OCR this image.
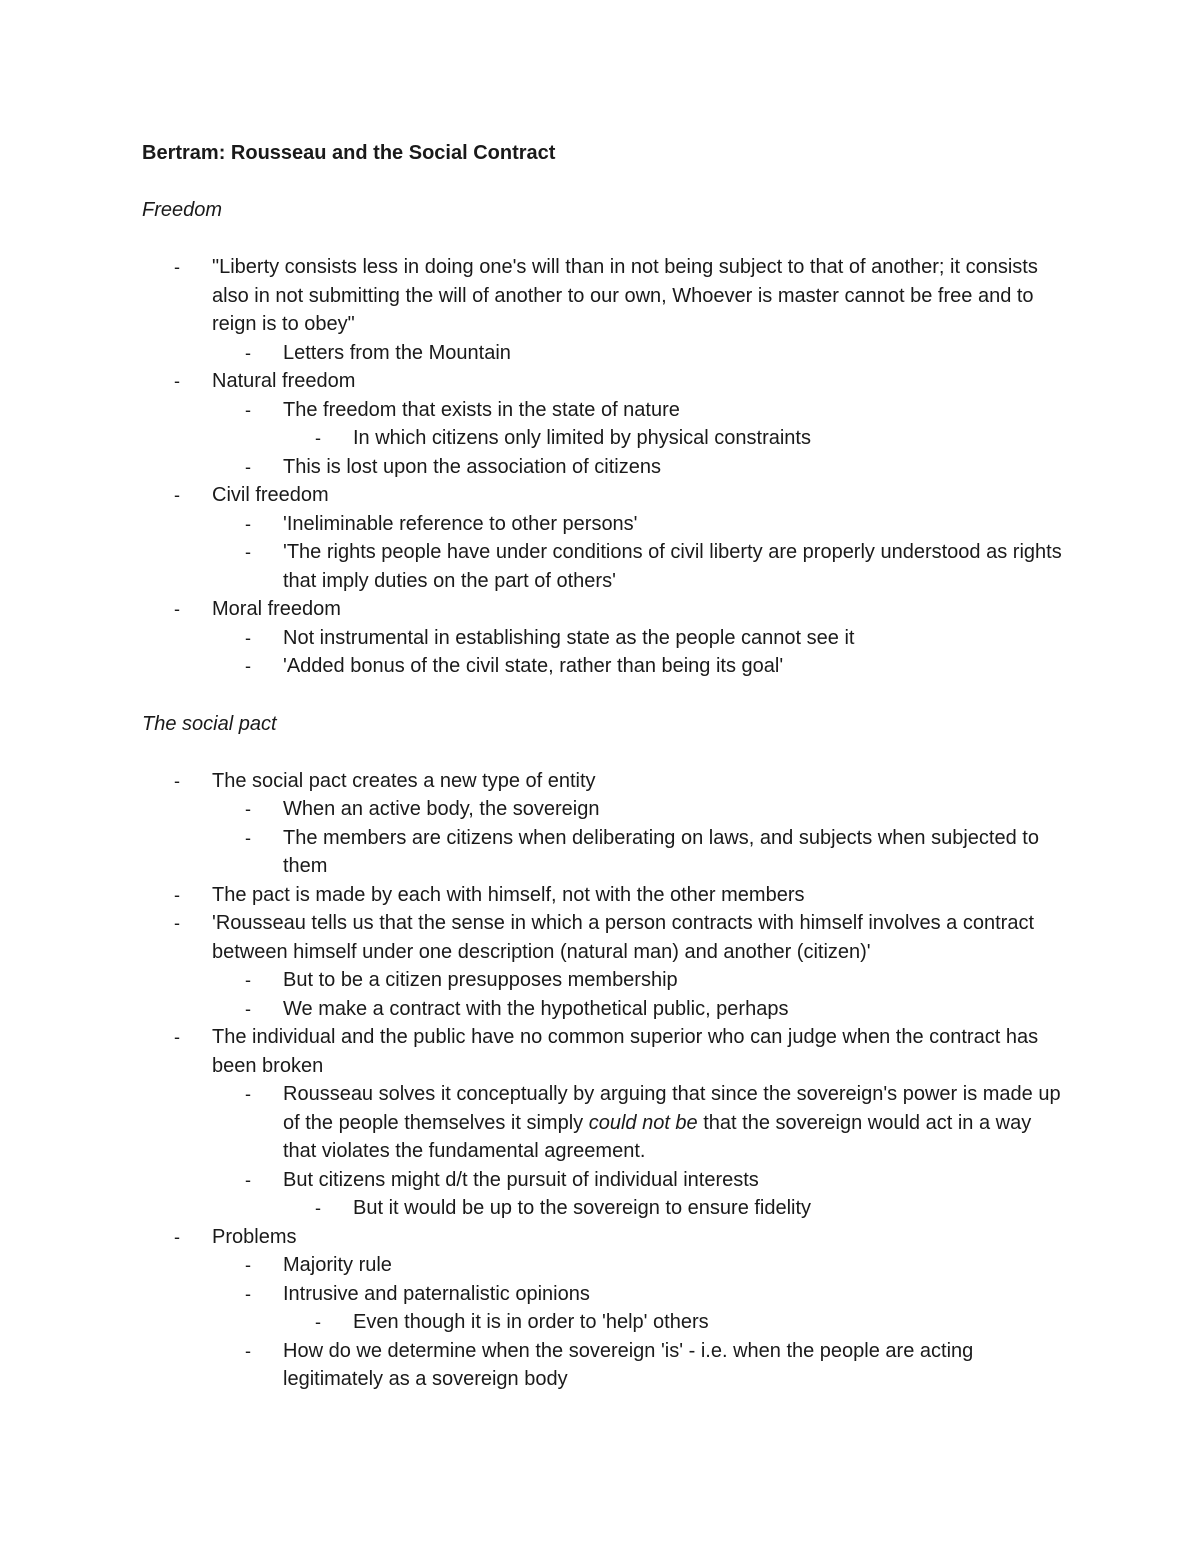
Bertram: Rousseau and the Social Contract

Freedom

- "Liberty consists less in doing one's will than in not being subject to that of another; it consists also in not submitting the will of another to our own, Whoever is master cannot be free and to reign is to obey"
- Letters from the Mountain
- Natural freedom
- The freedom that exists in the state of nature
- In which citizens only limited by physical constraints
- This is lost upon the association of citizens
- Civil freedom
- 'Ineliminable reference to other persons'
- 'The rights people have under conditions of civil liberty are properly understood as rights that imply duties on the part of others'
- Moral freedom
- Not instrumental in establishing state as the people cannot see it
- 'Added bonus of the civil state, rather than being its goal'

The social pact

- The social pact creates a new type of entity
- When an active body, the sovereign
- The members are citizens when deliberating on laws, and subjects when subjected to them
- The pact is made by each with himself, not with the other members
- 'Rousseau tells us that the sense in which a person contracts with himself involves a contract between himself under one description (natural man) and another (citizen)'
- But to be a citizen presupposes membership
- We make a contract with the hypothetical public, perhaps
- The individual and the public have no common superior who can judge when the contract has been broken
- Rousseau solves it conceptually by arguing that since the sovereign's power is made up of the people themselves it simply could not be that the sovereign would act in a way that violates the fundamental agreement.
- But citizens might d/t the pursuit of individual interests
- But it would be up to the sovereign to ensure fidelity
- Problems
- Majority rule
- Intrusive and paternalistic opinions
- Even though it is in order to 'help' others
- How do we determine when the sovereign 'is' - i.e. when the people are acting legitimately as a sovereign body
